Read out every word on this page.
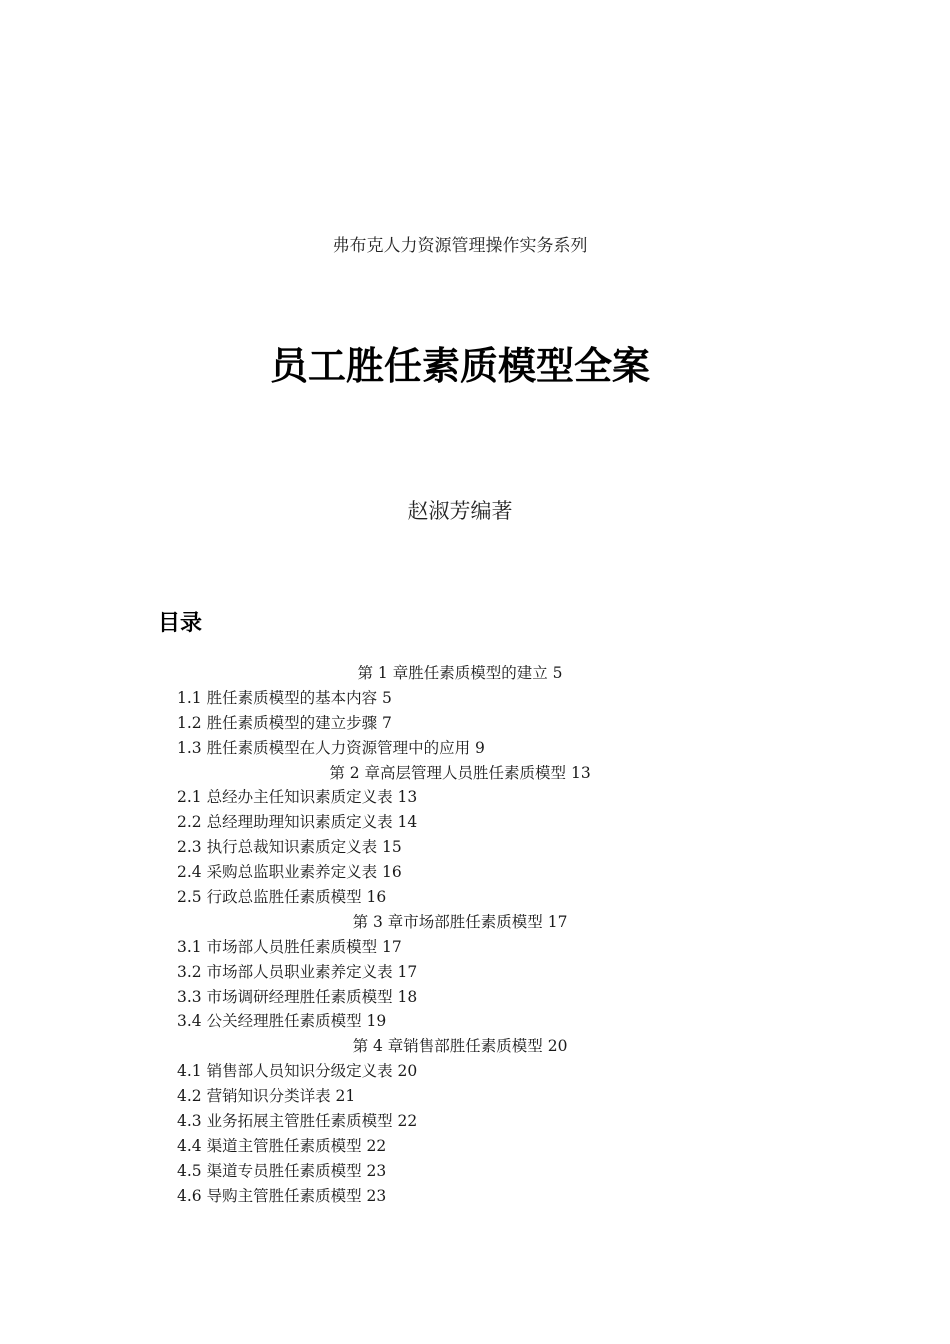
弗布克人力资源管理操作实务系列
员工胜任素质模型全案
赵淑芳编著
目录
第 1 章胜任素质模型的建立 5
1.1 胜任素质模型的基本内容 5
1.2 胜任素质模型的建立步骤 7
1.3 胜任素质模型在人力资源管理中的应用 9
第 2 章高层管理人员胜任素质模型 13
2.1 总经办主任知识素质定义表 13
2.2 总经理助理知识素质定义表 14
2.3 执行总裁知识素质定义表 15
2.4 采购总监职业素养定义表 16
2.5 行政总监胜任素质模型 16
第 3 章市场部胜任素质模型 17
3.1 市场部人员胜任素质模型 17
3.2 市场部人员职业素养定义表 17
3.3 市场调研经理胜任素质模型 18
3.4 公关经理胜任素质模型 19
第 4 章销售部胜任素质模型 20
4.1 销售部人员知识分级定义表 20
4.2 营销知识分类详表 21
4.3 业务拓展主管胜任素质模型 22
4.4 渠道主管胜任素质模型 22
4.5 渠道专员胜任素质模型 23
4.6 导购主管胜任素质模型 23
